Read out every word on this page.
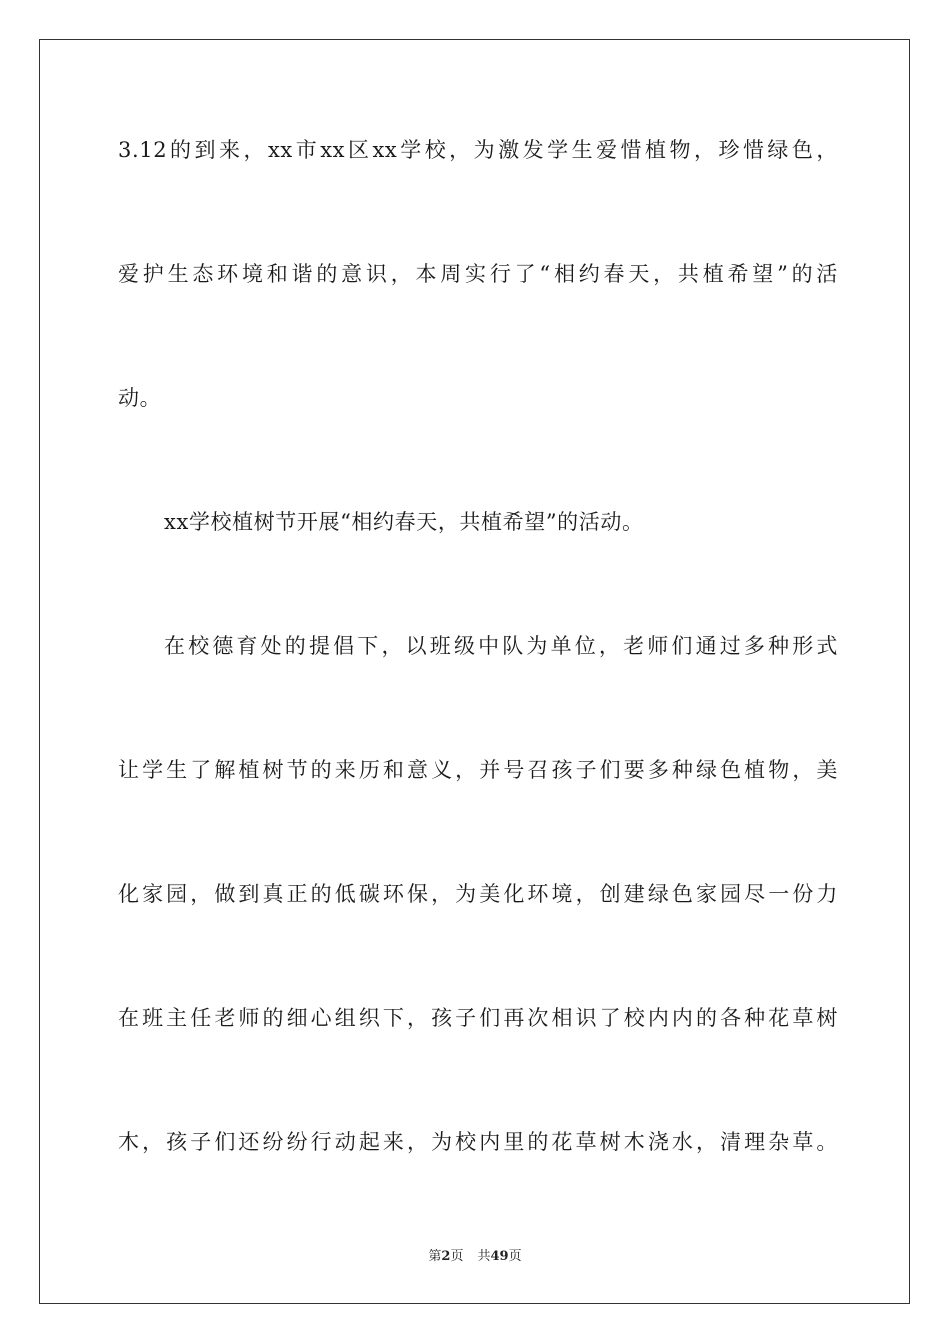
3.12的到来，xx市xx区xx学校，为激发学生爱惜植物，珍惜绿色，
爱护生态环境和谐的意识，本周实行了“相约春天，共植希望”的活
动。
xx学校植树节开展“相约春天，共植希望”的活动。
在校德育处的提倡下，以班级中队为单位，老师们通过多种形式
让学生了解植树节的来历和意义，并号召孩子们要多种绿色植物，美
化家园，做到真正的低碳环保，为美化环境，创建绿色家园尽一份力
在班主任老师的细心组织下，孩子们再次相识了校内内的各种花草树
木，孩子们还纷纷行动起来，为校内里的花草树木浇水，清理杂草。
第2页 共49页
